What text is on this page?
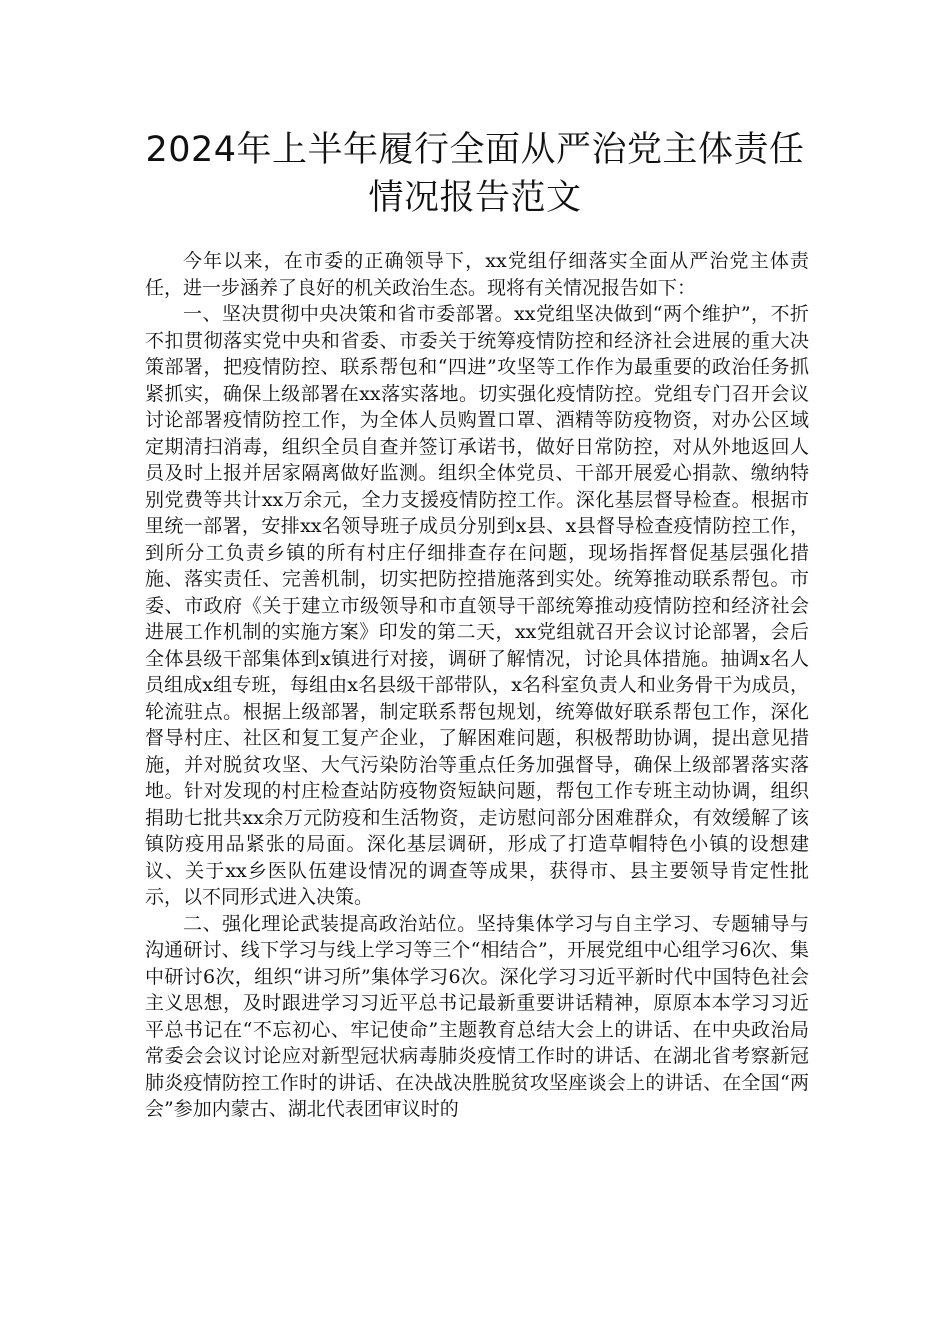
2024年上半年履行全面从严治党主体责任情况报告范文

今年以来，在市委的正确领导下，xx党组仔细落实全面从严治党主体责任，进一步涵养了良好的机关政治生态。现将有关情况报告如下：

一、坚决贯彻中央决策和省市委部署。xx党组坚决做到“两个维护”，不折不扣贯彻落实党中央和省委、市委关于统筹疫情防控和经济社会进展的重大决策部署，把疫情防控、联系帮包和“四进”攻坚等工作作为最重要的政治任务抓紧抓实，确保上级部署在xx落实落地。切实强化疫情防控。党组专门召开会议讨论部署疫情防控工作，为全体人员购置口罩、酒精等防疫物资，对办公区域定期清扫消毒，组织全员自查并签订承诺书，做好日常防控，对从外地返回人员及时上报并居家隔离做好监测。组织全体党员、干部开展爱心捐款、缴纳特别党费等共计xx万余元，全力支援疫情防控工作。深化基层督导检查。根据市里统一部署，安排xx名领导班子成员分别到x县、x县督导检查疫情防控工作，到所分工负责乡镇的所有村庄仔细排查存在问题，现场指挥督促基层强化措施、落实责任、完善机制，切实把防控措施落到实处。统筹推动联系帮包。市委、市政府《关于建立市级领导和市直领导干部统筹推动疫情防控和经济社会进展工作机制的实施方案》印发的第二天，xx党组就召开会议讨论部署，会后全体县级干部集体到x镇进行对接，调研了解情况，讨论具体措施。抽调x名人员组成x组专班，每组由x名县级干部带队，x名科室负责人和业务骨干为成员，轮流驻点。根据上级部署，制定联系帮包规划，统筹做好联系帮包工作，深化督导村庄、社区和复工复产企业，了解困难问题，积极帮助协调，提出意见措施，并对脱贫攻坚、大气污染防治等重点任务加强督导，确保上级部署落实落地。针对发现的村庄检查站防疫物资短缺问题，帮包工作专班主动协调，组织捐助七批共xx余万元防疫和生活物资，走访慰问部分困难群众，有效缓解了该镇防疫用品紧张的局面。深化基层调研，形成了打造草帽特色小镇的设想建议、关于xx乡医队伍建设情况的调查等成果，获得市、县主要领导肯定性批示，以不同形式进入决策。

二、强化理论武装提高政治站位。坚持集体学习与自主学习、专题辅导与沟通研讨、线下学习与线上学习等三个“相结合”，开展党组中心组学习6次、集中研讨6次，组织“讲习所”集体学习6次。深化学习习近平新时代中国特色社会主义思想，及时跟进学习习近平总书记最新重要讲话精神，原原本本学习习近平总书记在“不忘初心、牢记使命”主题教育总结大会上的讲话、在中央政治局常委会会议讨论应对新型冠状病毒肺炎疫情工作时的讲话、在湖北省考察新冠肺炎疫情防控工作时的讲话、在决战决胜脱贫攻坚座谈会上的讲话、在全国“两会”参加内蒙古、湖北代表团审议时的
